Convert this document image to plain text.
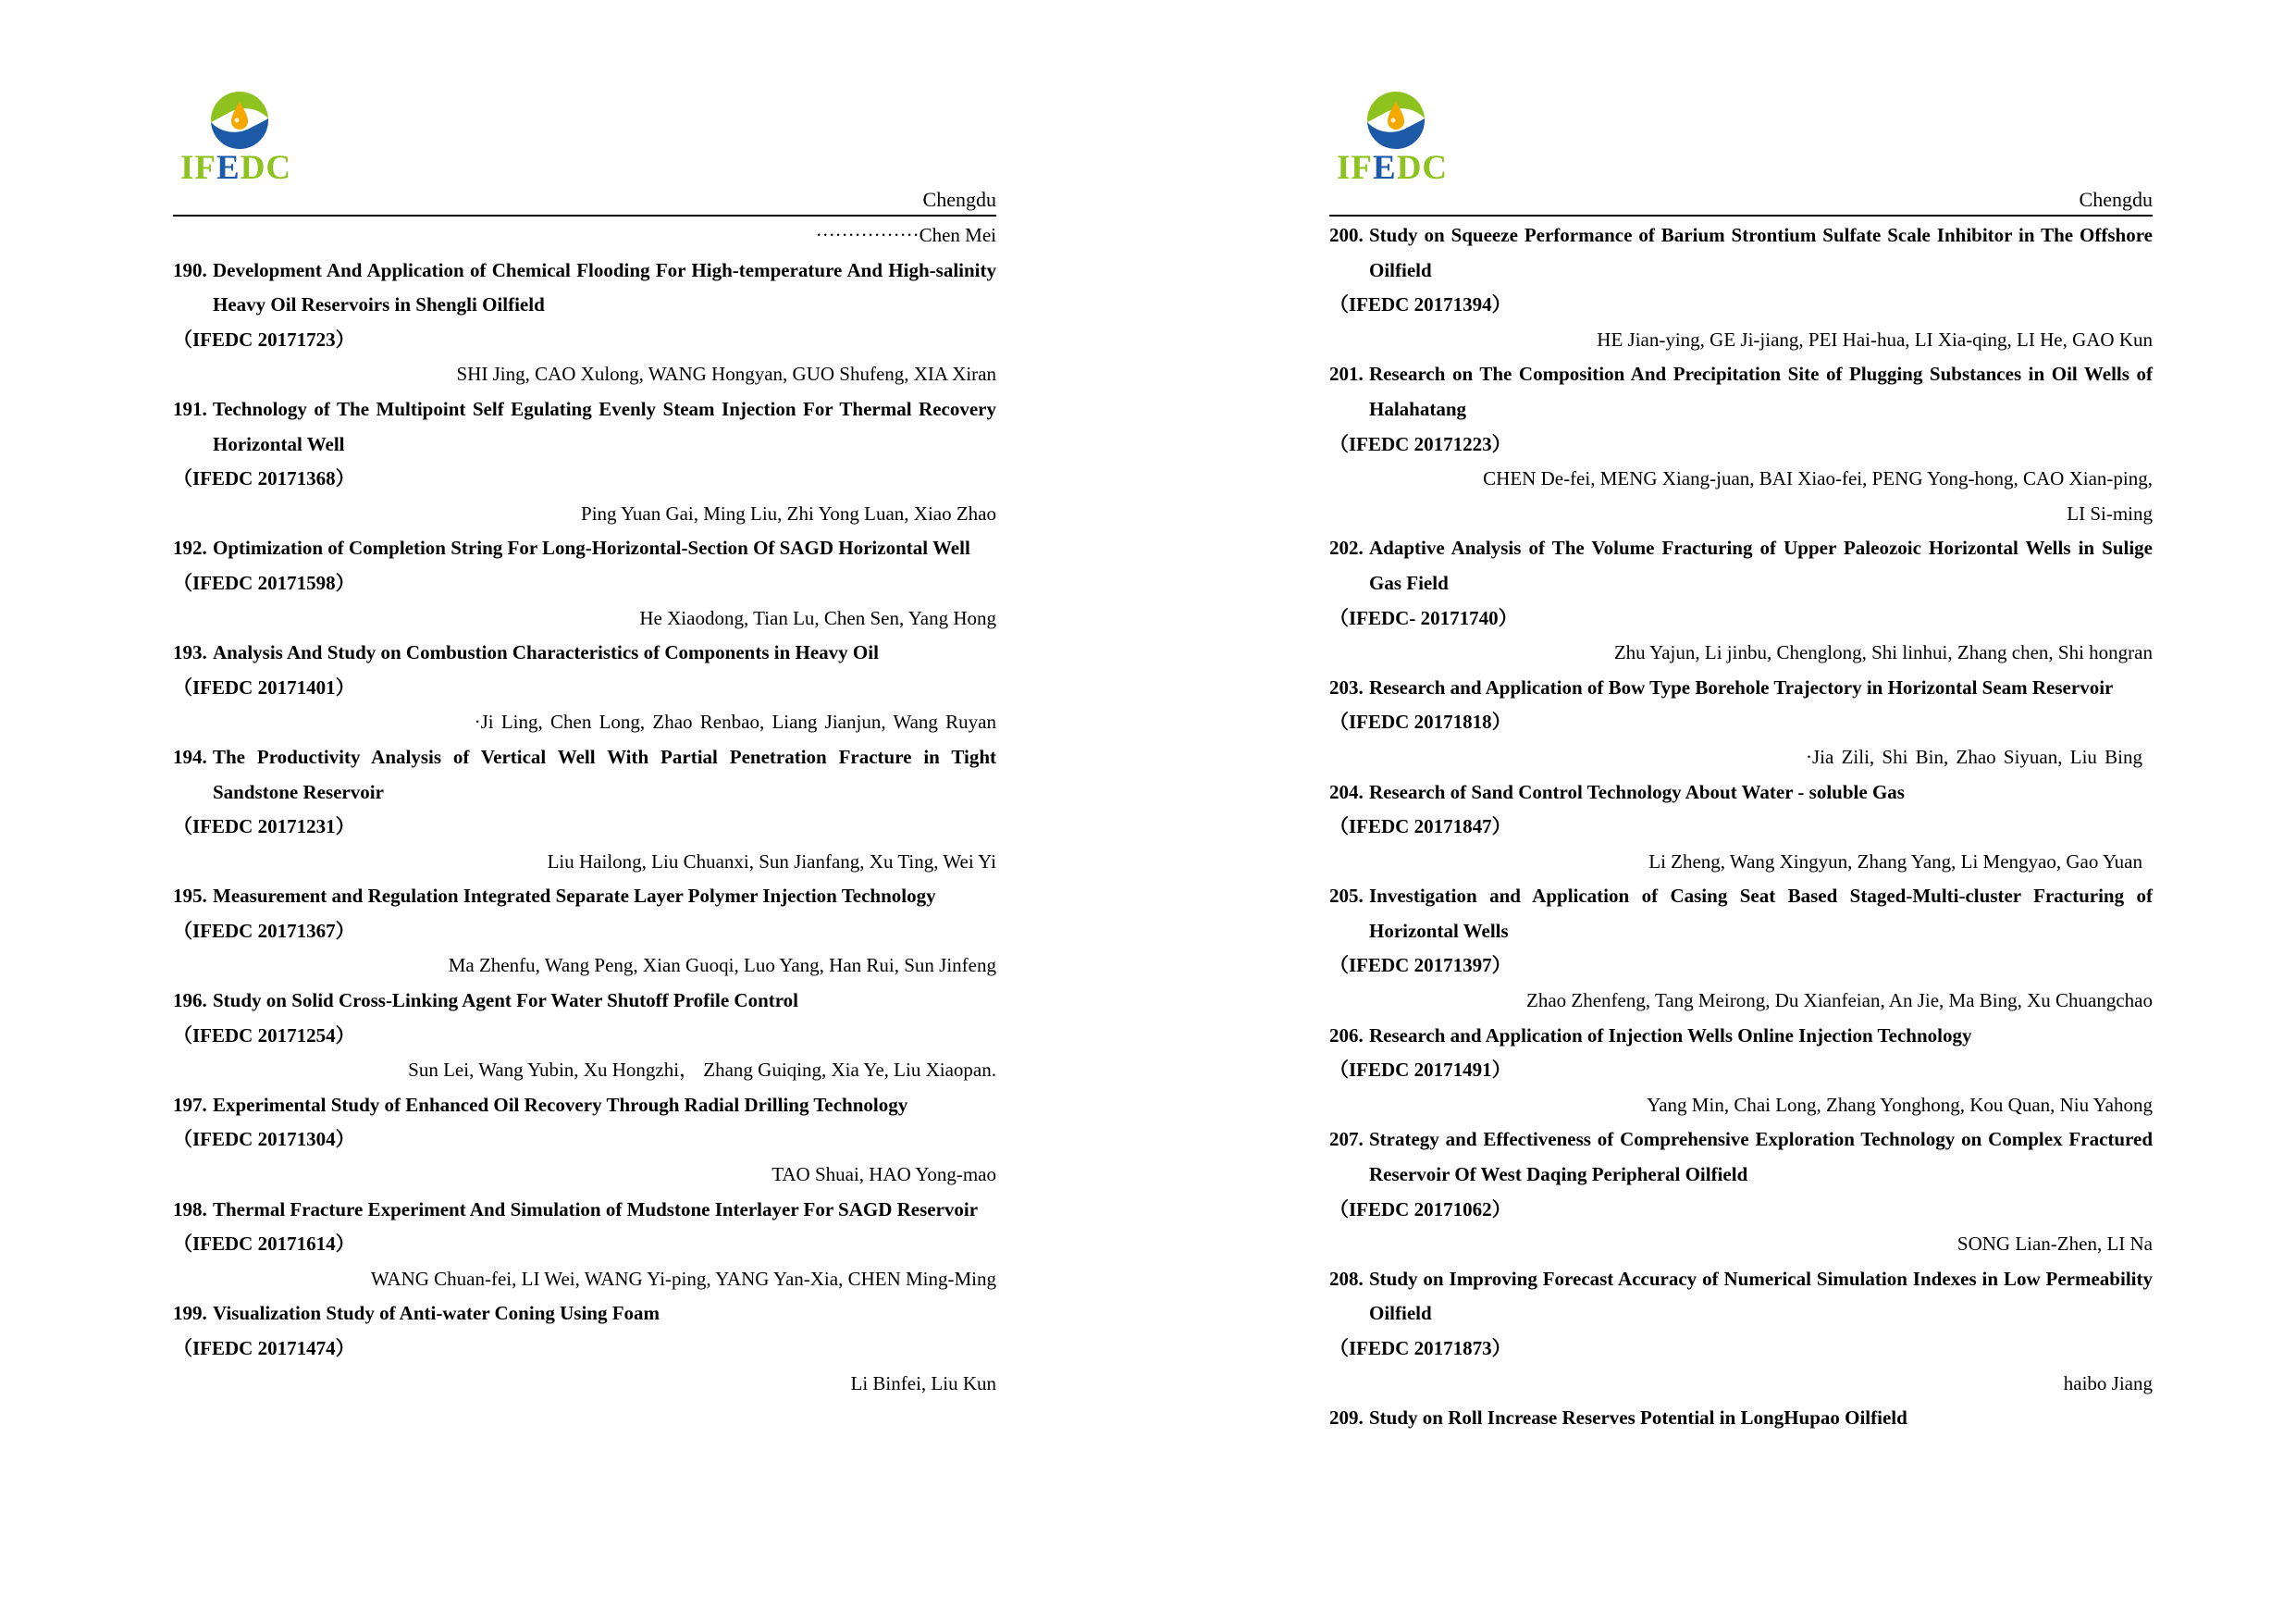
IFEDC
Chengdu
················Chen Mei
190. Development And Application of Chemical Flooding For High-temperature And High-salinity Heavy Oil Reservoirs in Shengli Oilfield
（IFEDC 20171723）
SHI Jing, CAO Xulong, WANG Hongyan, GUO Shufeng, XIA Xiran
191. Technology of The Multipoint Self Egulating Evenly Steam Injection For Thermal Recovery Horizontal Well
（IFEDC 20171368）
Ping Yuan Gai, Ming Liu, Zhi Yong Luan, Xiao Zhao
192. Optimization of Completion String For Long-Horizontal-Section Of SAGD Horizontal Well
（IFEDC 20171598）
He Xiaodong, Tian Lu, Chen Sen, Yang Hong
193. Analysis And Study on Combustion Characteristics of Components in Heavy Oil
（IFEDC 20171401）
·Ji Ling, Chen Long, Zhao Renbao, Liang Jianjun, Wang Ruyan
194. The Productivity Analysis of Vertical Well With Partial Penetration Fracture in Tight Sandstone Reservoir
（IFEDC 20171231）
Liu Hailong, Liu Chuanxi, Sun Jianfang, Xu Ting, Wei Yi
195. Measurement and Regulation Integrated Separate Layer Polymer Injection Technology
（IFEDC 20171367）
Ma Zhenfu, Wang Peng, Xian Guoqi, Luo Yang, Han Rui, Sun Jinfeng
196. Study on Solid Cross-Linking Agent For Water Shutoff Profile Control
（IFEDC 20171254）
Sun Lei, Wang Yubin, Xu Hongzhi， Zhang Guiqing, Xia Ye, Liu Xiaopan.
197. Experimental Study of Enhanced Oil Recovery Through Radial Drilling Technology
（IFEDC 20171304）
TAO Shuai, HAO Yong-mao
198. Thermal Fracture Experiment And Simulation of Mudstone Interlayer For SAGD Reservoir
（IFEDC 20171614）
WANG Chuan-fei, LI Wei, WANG Yi-ping, YANG Yan-Xia, CHEN Ming-Ming
199. Visualization Study of Anti-water Coning Using Foam
（IFEDC 20171474）
Li Binfei, Liu Kun
IFEDC
Chengdu
200. Study on Squeeze Performance of Barium Strontium Sulfate Scale Inhibitor in The Offshore Oilfield
（IFEDC 20171394）
HE Jian-ying, GE Ji-jiang, PEI Hai-hua, LI Xia-qing, LI He, GAO Kun
201. Research on The Composition And Precipitation Site of Plugging Substances in Oil Wells of Halahatang
（IFEDC 20171223）
CHEN De-fei, MENG Xiang-juan, BAI Xiao-fei, PENG Yong-hong, CAO Xian-ping,
LI Si-ming
202. Adaptive Analysis of The Volume Fracturing of Upper Paleozoic Horizontal Wells in Sulige Gas Field
（IFEDC- 20171740）
Zhu Yajun, Li jinbu, Chenglong, Shi linhui, Zhang chen, Shi hongran
203. Research and Application of Bow Type Borehole Trajectory in Horizontal Seam Reservoir
（IFEDC 20171818）
·Jia Zili, Shi Bin, Zhao Siyuan, Liu Bing
204. Research of Sand Control Technology About Water - soluble Gas
（IFEDC 20171847）
Li Zheng, Wang Xingyun, Zhang Yang, Li Mengyao, Gao Yuan
205. Investigation and Application of Casing Seat Based Staged-Multi-cluster Fracturing of Horizontal Wells
（IFEDC 20171397）
Zhao Zhenfeng, Tang Meirong, Du Xianfeian, An Jie, Ma Bing, Xu Chuangchao
206. Research and Application of Injection Wells Online Injection Technology
（IFEDC 20171491）
Yang Min, Chai Long, Zhang Yonghong, Kou Quan, Niu Yahong
207. Strategy and Effectiveness of Comprehensive Exploration Technology on Complex Fractured Reservoir Of West Daqing Peripheral Oilfield
（IFEDC 20171062）
SONG Lian-Zhen, LI Na
208. Study on Improving Forecast Accuracy of Numerical Simulation Indexes in Low Permeability Oilfield
（IFEDC 20171873）
haibo Jiang
209. Study on Roll Increase Reserves Potential in LongHupao Oilfield
